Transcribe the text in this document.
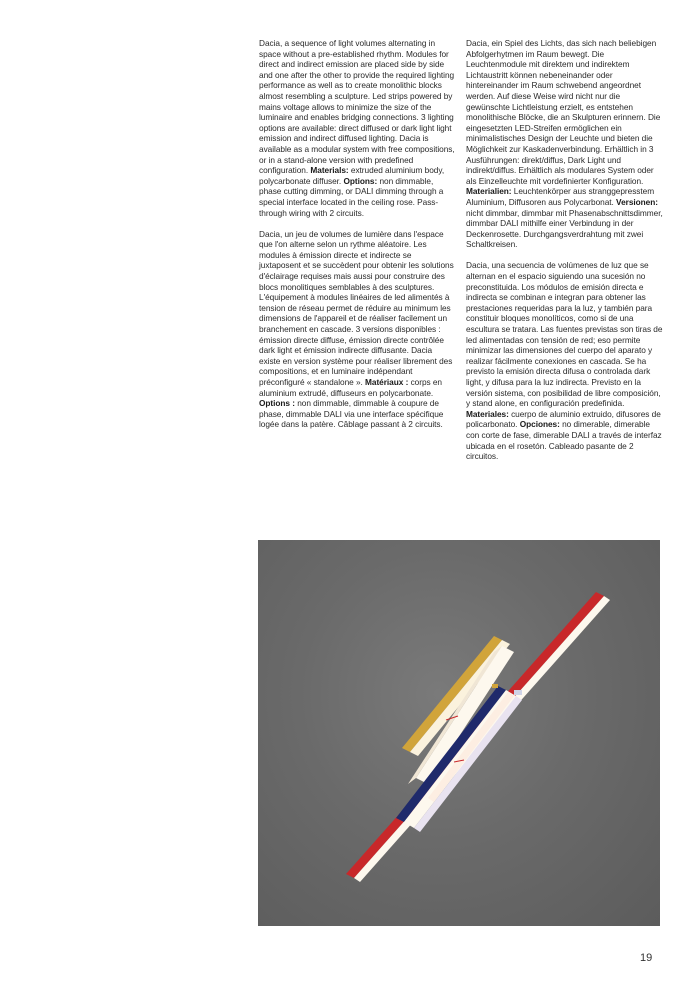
Dacia, a sequence of light volumes alternating in space without a pre-established rhythm. Modules for direct and indirect emission are placed side by side and one after the other to provide the required lighting performance as well as to create monolithic blocks almost resembling a sculpture. Led strips powered by mains voltage allows to minimize the size of the luminaire and enables bridging connections. 3 lighting options are available: direct diffused or dark light light emission and indirect diffused lighting. Dacia is available as a modular system with free compositions, or in a stand-alone version with predefined configuration. Materials: extruded aluminium body, polycarbonate diffuser. Options: non dimmable, phase cutting dimming, or DALI dimming through a special interface located in the ceiling rose. Pass-through wiring with 2 circuits.

Dacia, un jeu de volumes de lumière dans l'espace que l'on alterne selon un rythme aléatoire. Les modules à émission directe et indirecte se juxtaposent et se succèdent pour obtenir les solutions d'éclairage requises mais aussi pour construire des blocs monolitiques semblables à des sculptures. L'équipement à modules linéaires de led alimentés à tension de réseau permet de réduire au minimum les dimensions de l'appareil et de réaliser facilement un branchement en cascade. 3 versions disponibles : émission directe diffuse, émission directe contrôlée dark light et émission indirecte diffusante. Dacia existe en version système pour réaliser librement des compositions, et en luminaire indépendant préconfiguré « standalone ». Matériaux : corps en aluminium extrudé, diffuseurs en polycarbonate. Options : non dimmable, dimmable à coupure de phase, dimmable DALI via une interface spécifique logée dans la patère. Câblage passant à 2 circuits.

Dacia, ein Spiel des Lichts, das sich nach beliebigen Abfolgerhytmen im Raum bewegt. Die Leuchtenmodule mit direktem und indirektem Lichtaustritt können nebeneinander oder hintereinander im Raum schwebend angeordnet werden. Auf diese Weise wird nicht nur die gewünschte Lichtleistung erzielt, es entstehen monolithische Blöcke, die an Skulpturen erinnern. Die eingesetzten LED-Streifen ermöglichen ein minimalistisches Design der Leuchte und bieten die Möglichkeit zur Kaskadenverbindung. Erhältlich in 3 Ausführungen: direkt/diffus, Dark Light und indirekt/diffus. Erhältlich als modulares System oder als Einzelleuchte mit vordefinierter Konfiguration. Materialien: Leuchtenkörper aus stranggepresstem Aluminium, Diffusoren aus Polycarbonat. Versionen: nicht dimmbar, dimmbar mit Phasenabschnittsdimmer, dimmbar DALI mithilfe einer Verbindung in der Deckenrosette. Durchgangsverdrahtung mit zwei Schaltkreisen.

Dacia, una secuencia de volúmenes de luz que se alternan en el espacio siguiendo una sucesión no preconstituida. Los módulos de emisión directa e indirecta se combinan e integran para obtener las prestaciones requeridas para la luz, y también para constituir bloques monolíticos, como si de una escultura se tratara. Las fuentes previstas son tiras de led alimentadas con tensión de red; eso permite minimizar las dimensiones del cuerpo del aparato y realizar fácilmente conexiones en cascada. Se ha previsto la emisión directa difusa o controlada dark light, y difusa para la luz indirecta. Previsto en la versión sistema, con posibilidad de libre composición, y stand alone, en configuración predefinida. Materiales: cuerpo de aluminio extruido, difusores de policarbonato. Opciones: no dimerable, dimerable con corte de fase, dimerable DALI a través de interfaz ubicada en el rosetón. Cableado pasante de 2 circuitos.

19
